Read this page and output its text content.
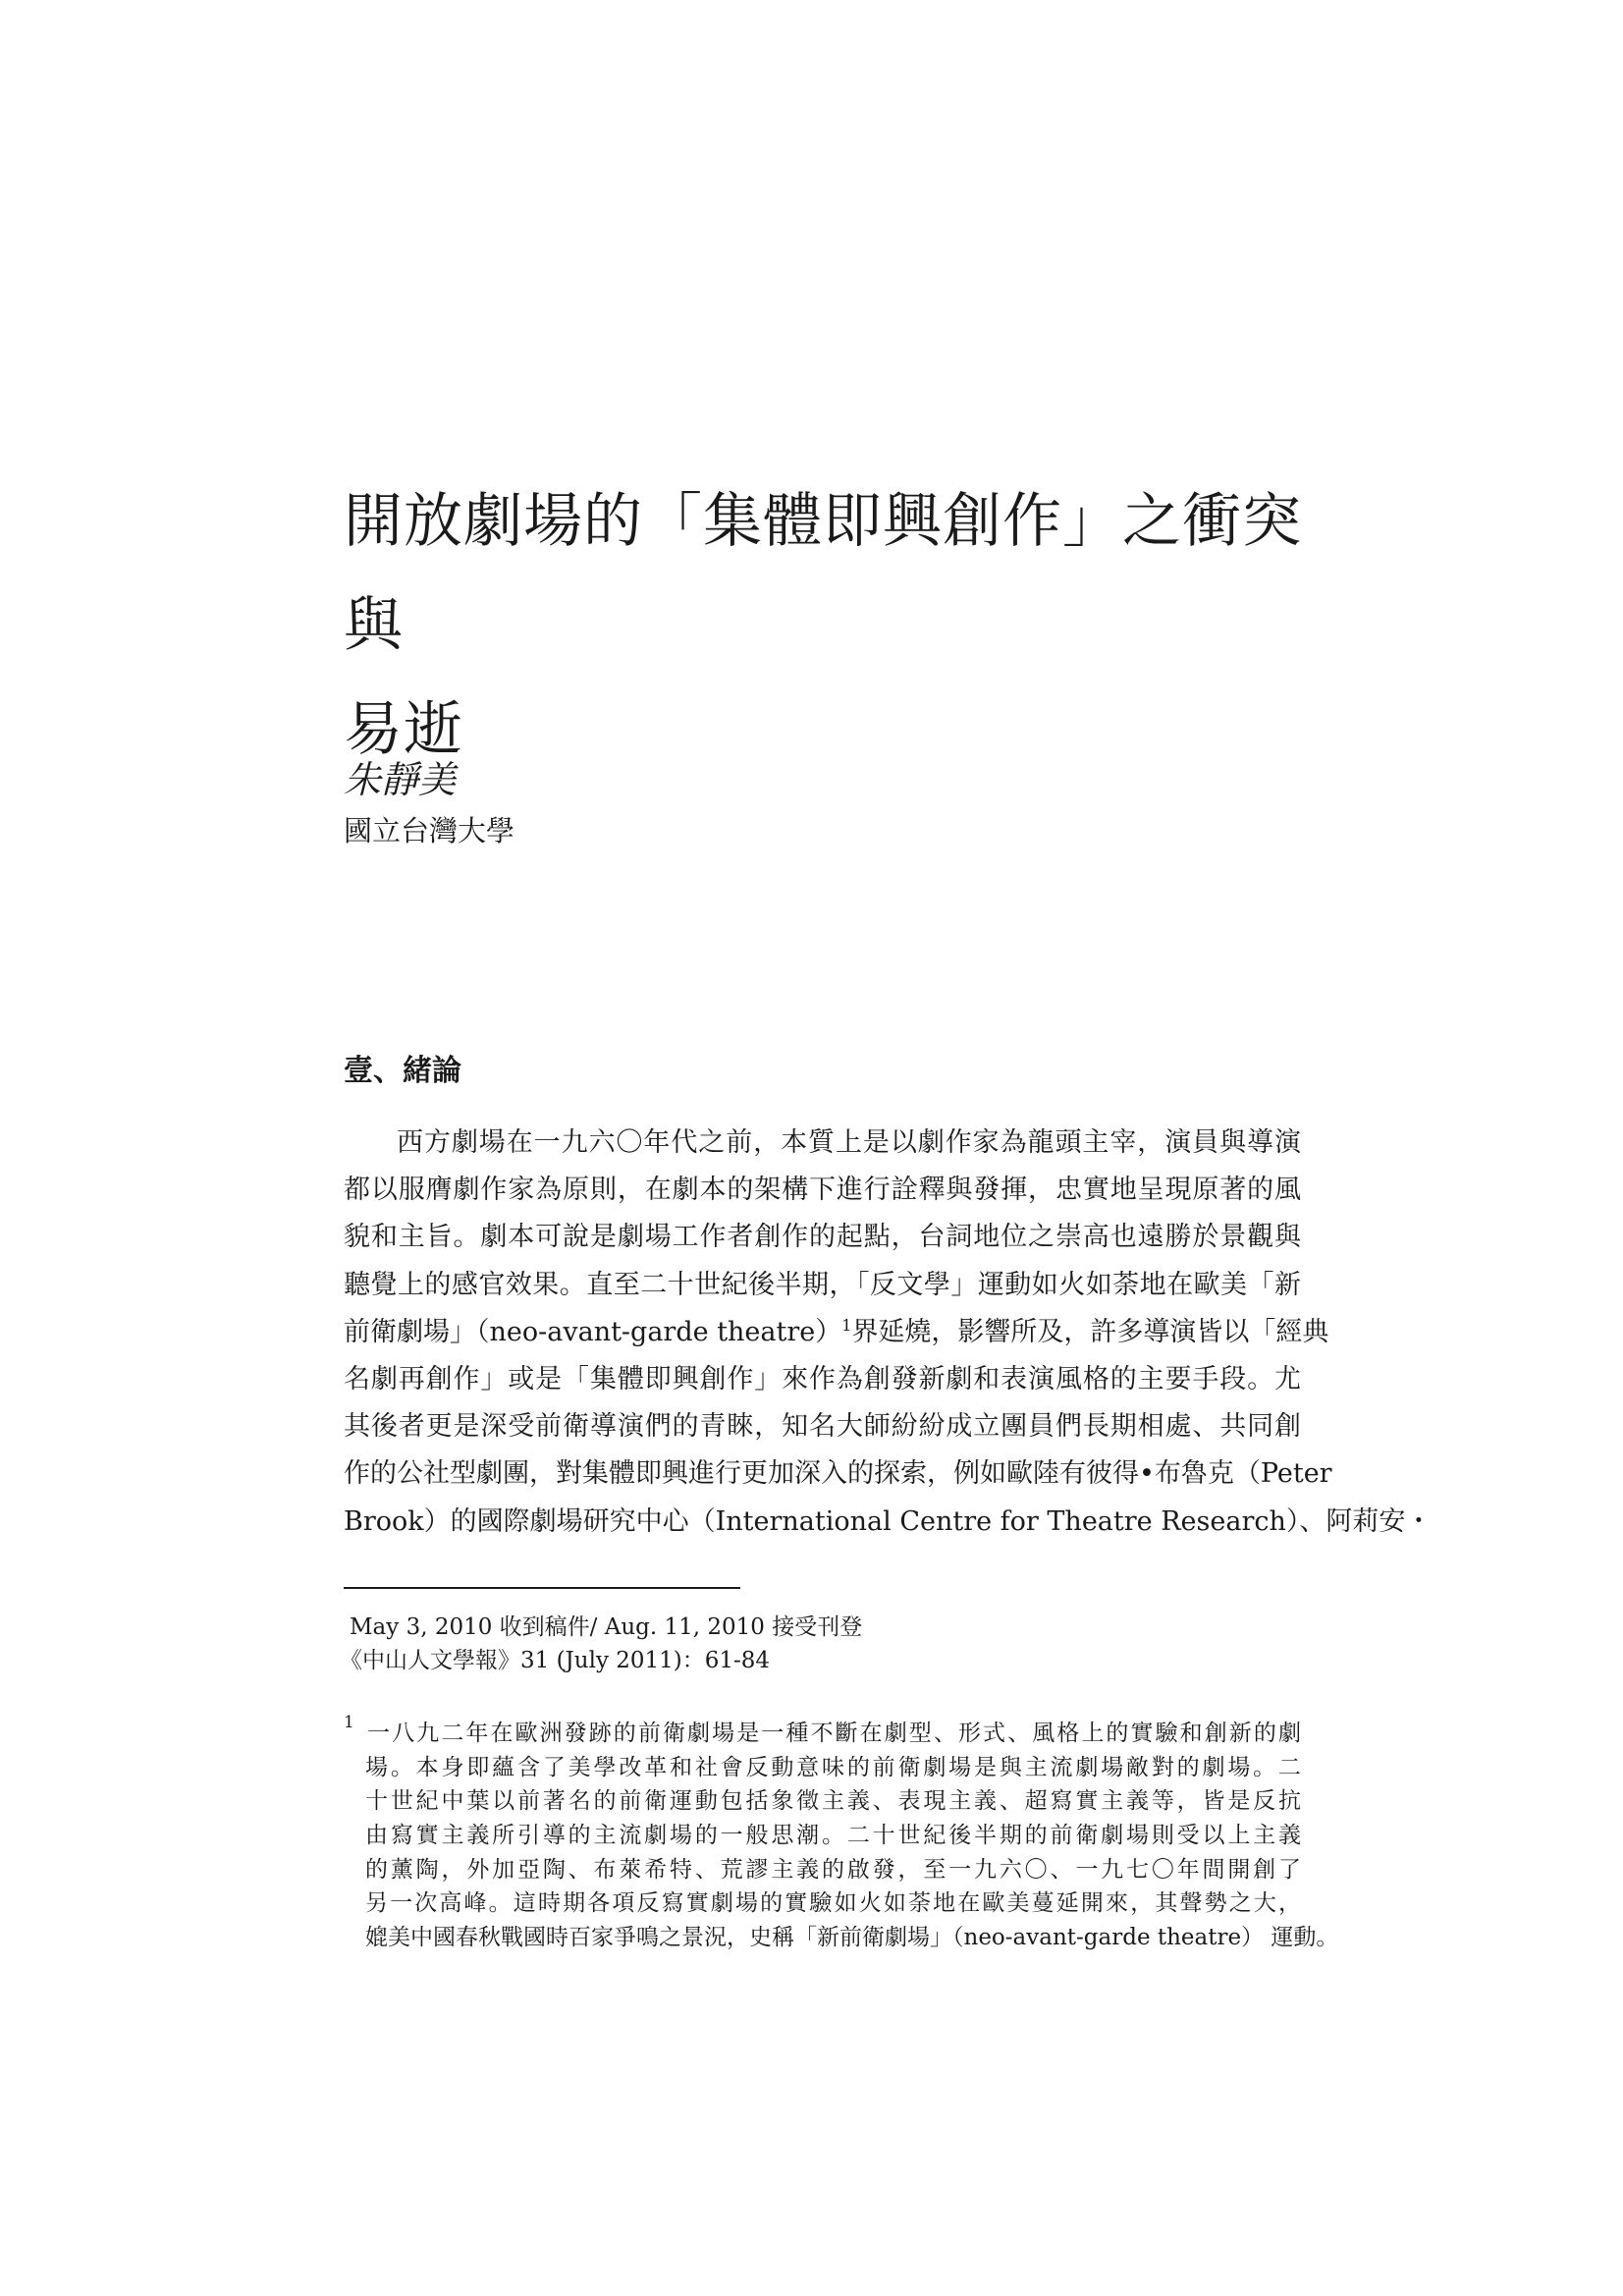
開放劇場的「集體即興創作」之衝突與
易逝
朱靜美
國立台灣大學
壹、緒論
西方劇場在一九六〇年代之前，本質上是以劇作家為龍頭主宰，演員與導演
都以服膺劇作家為原則，在劇本的架構下進行詮釋與發揮，忠實地呈現原著的風
貌和主旨。劇本可說是劇場工作者創作的起點，台詞地位之崇高也遠勝於景觀與
聽覺上的感官效果。直至二十世紀後半期，「反文學」運動如火如荼地在歐美「新
前衛劇場」（neo-avant-garde theatre）$^1$界延燒，影響所及，許多導演皆以「經典
名劇再創作」或是「集體即興創作」來作為創發新劇和表演風格的主要手段。尤
其後者更是深受前衛導演們的青睞，知名大師紛紛成立團員們長期相處、共同創
作的公社型劇團，對集體即興進行更加深入的探索，例如歐陸有彼得•布魯克（Peter
Brook）的國際劇場研究中心（International Centre for Theatre Research）、阿莉安・
May 3, 2010 收到稿件/ Aug. 11, 2010 接受刊登
《中山人文學報》31 (July 2011)：61-84
1 一八九二年在歐洲發跡的前衛劇場是一種不斷在劇型、形式、風格上的實驗和創新的劇
場。本身即蘊含了美學改革和社會反動意味的前衛劇場是與主流劇場敵對的劇場。二
十世紀中葉以前著名的前衛運動包括象徵主義、表現主義、超寫實主義等，皆是反抗
由寫實主義所引導的主流劇場的一般思潮。二十世紀後半期的前衛劇場則受以上主義
的薰陶，外加亞陶、布萊希特、荒謬主義的啟發，至一九六〇、一九七〇年間開創了
另一次高峰。這時期各項反寫實劇場的實驗如火如荼地在歐美蔓延開來，其聲勢之大，
媲美中國春秋戰國時百家爭鳴之景況，史稱「新前衛劇場」（neo-avant-garde theatre） 運動。
